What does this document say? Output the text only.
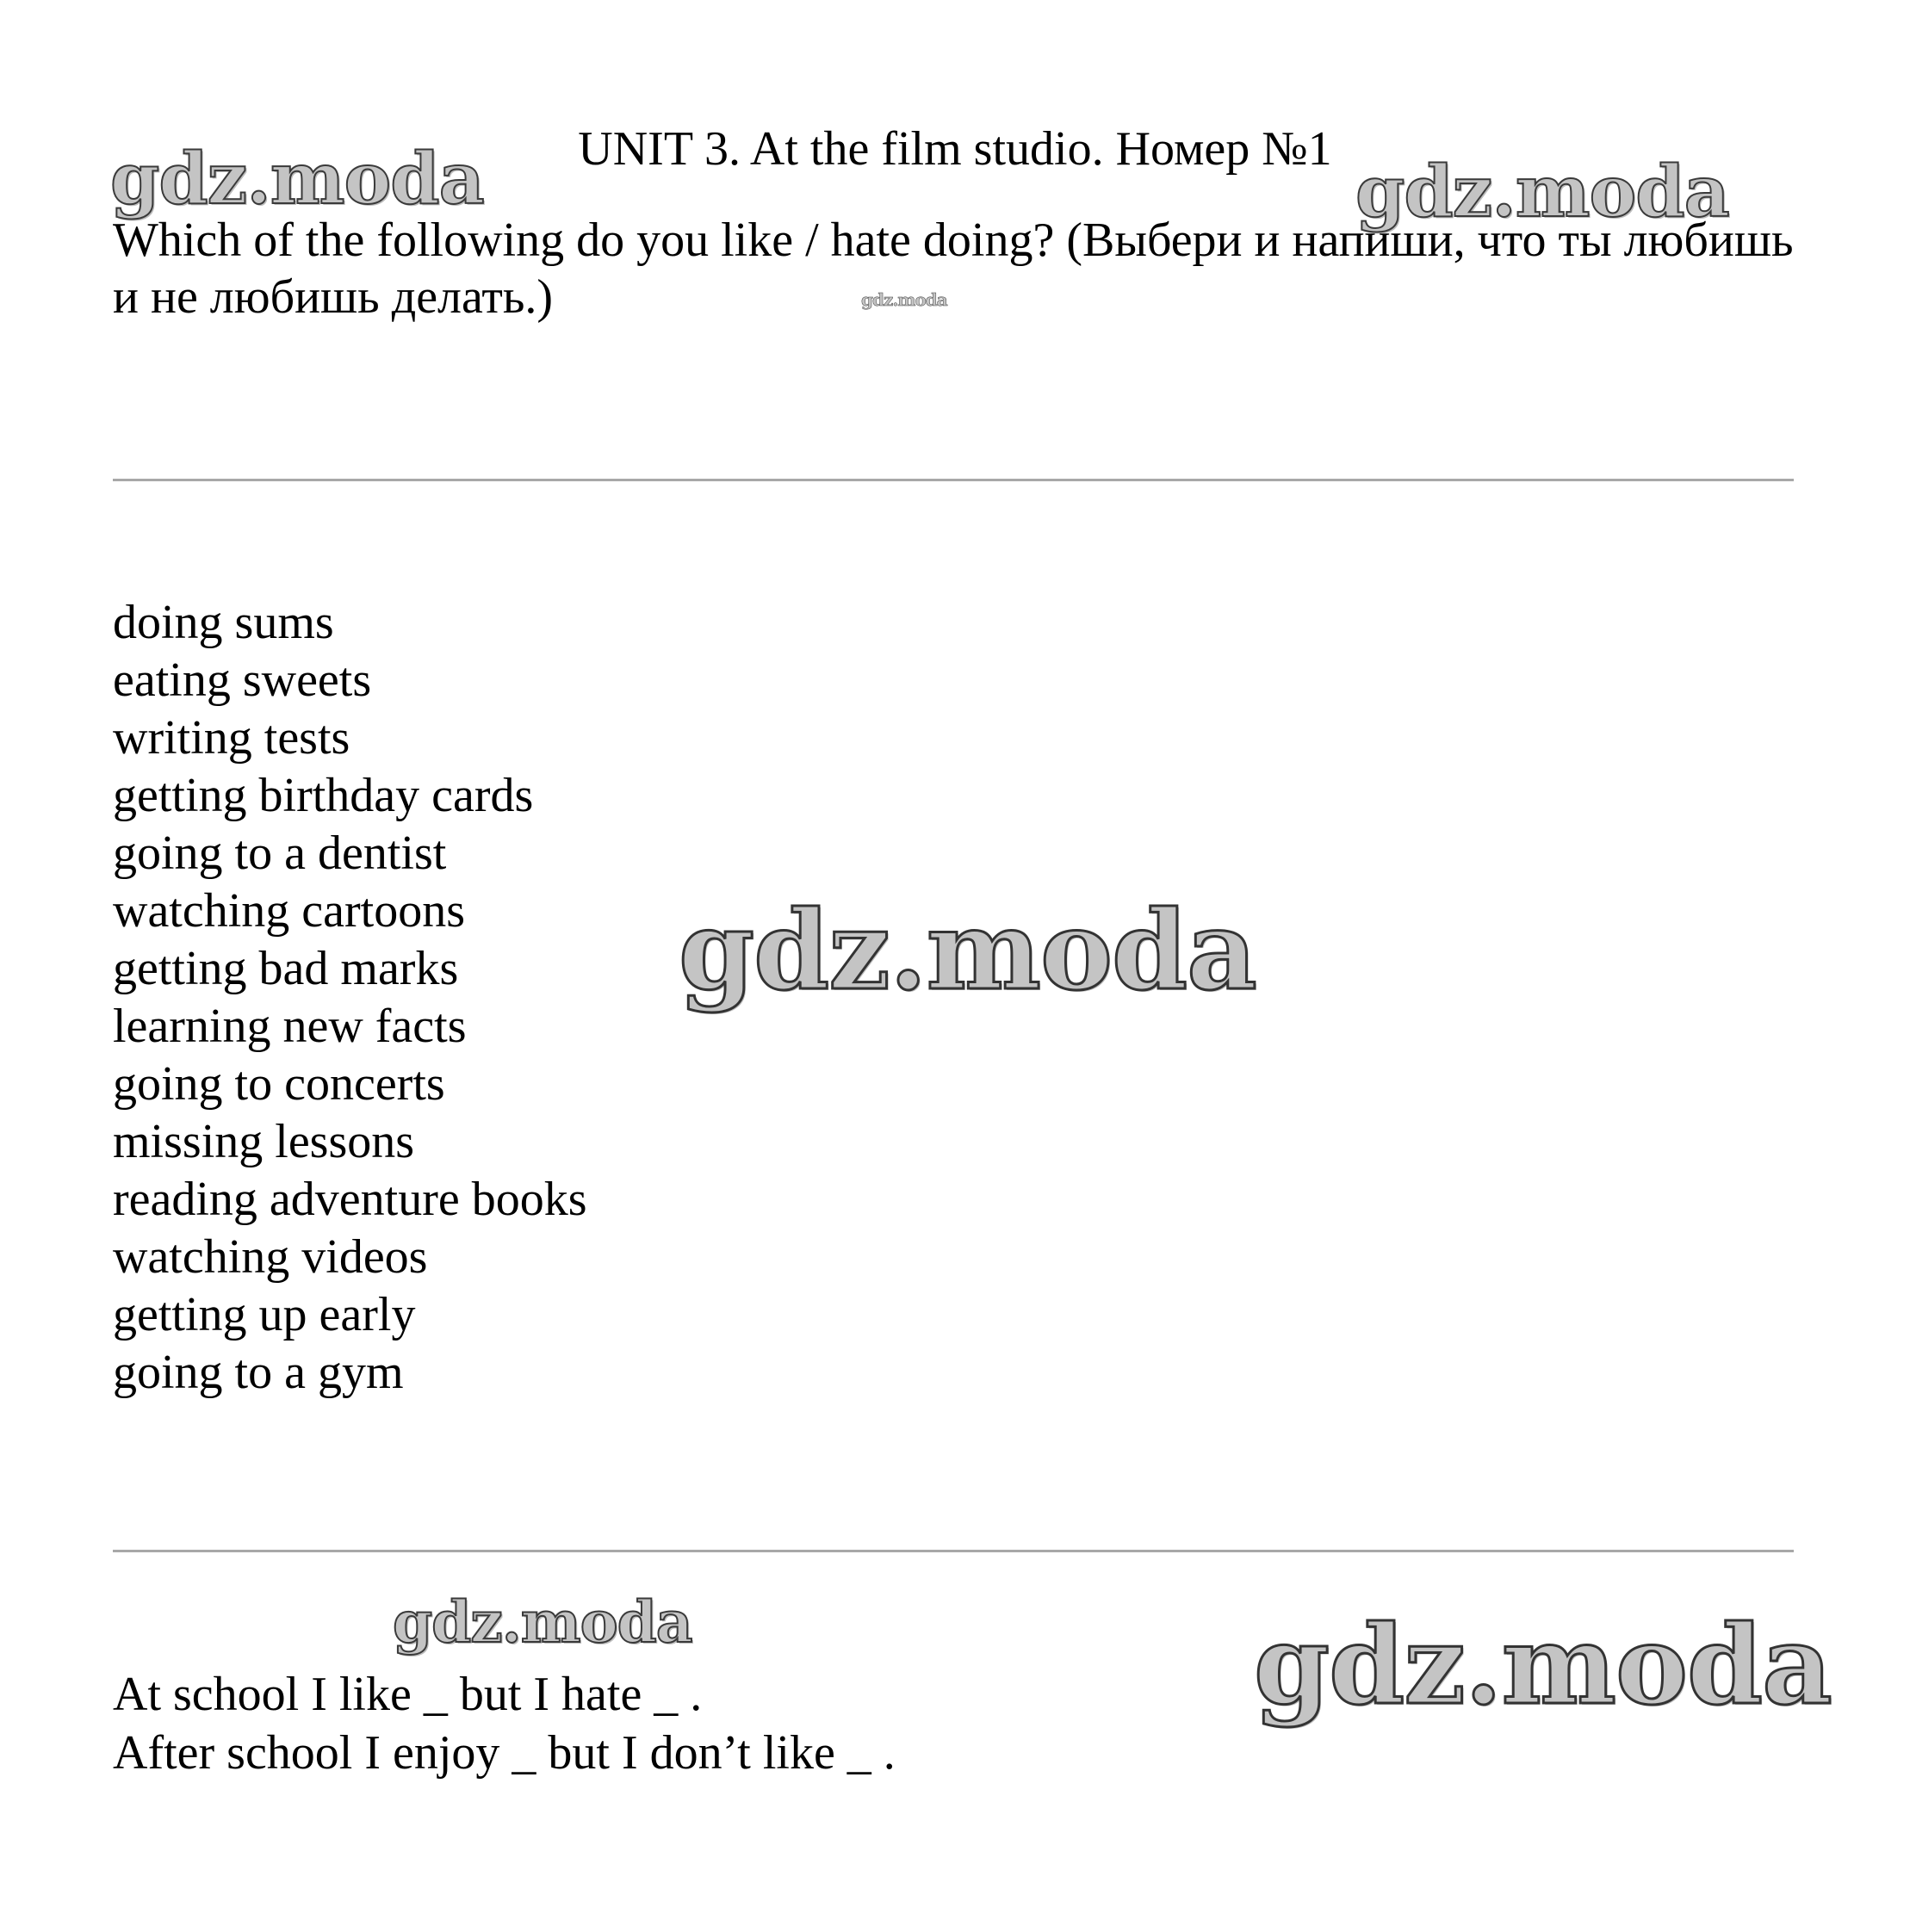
gdz.moda	gdz.moda
gdz.moda
UNIT 3. At the film studio. Номер №1
Which of the following do you like / hate doing? (Выбери и напиши, что ты любишь и не любишь делать.)
doing sums
eating sweets
writing tests
getting birthday cards
going to a dentist
watching cartoons
getting bad marks
learning new facts
going to concerts
missing lessons
reading adventure books
watching videos
getting up early
going to a gym
gdz.moda
gdz.moda	gdz.moda
At school I like _ but I hate _ .
After school I enjoy _ but I don’t like _ .
